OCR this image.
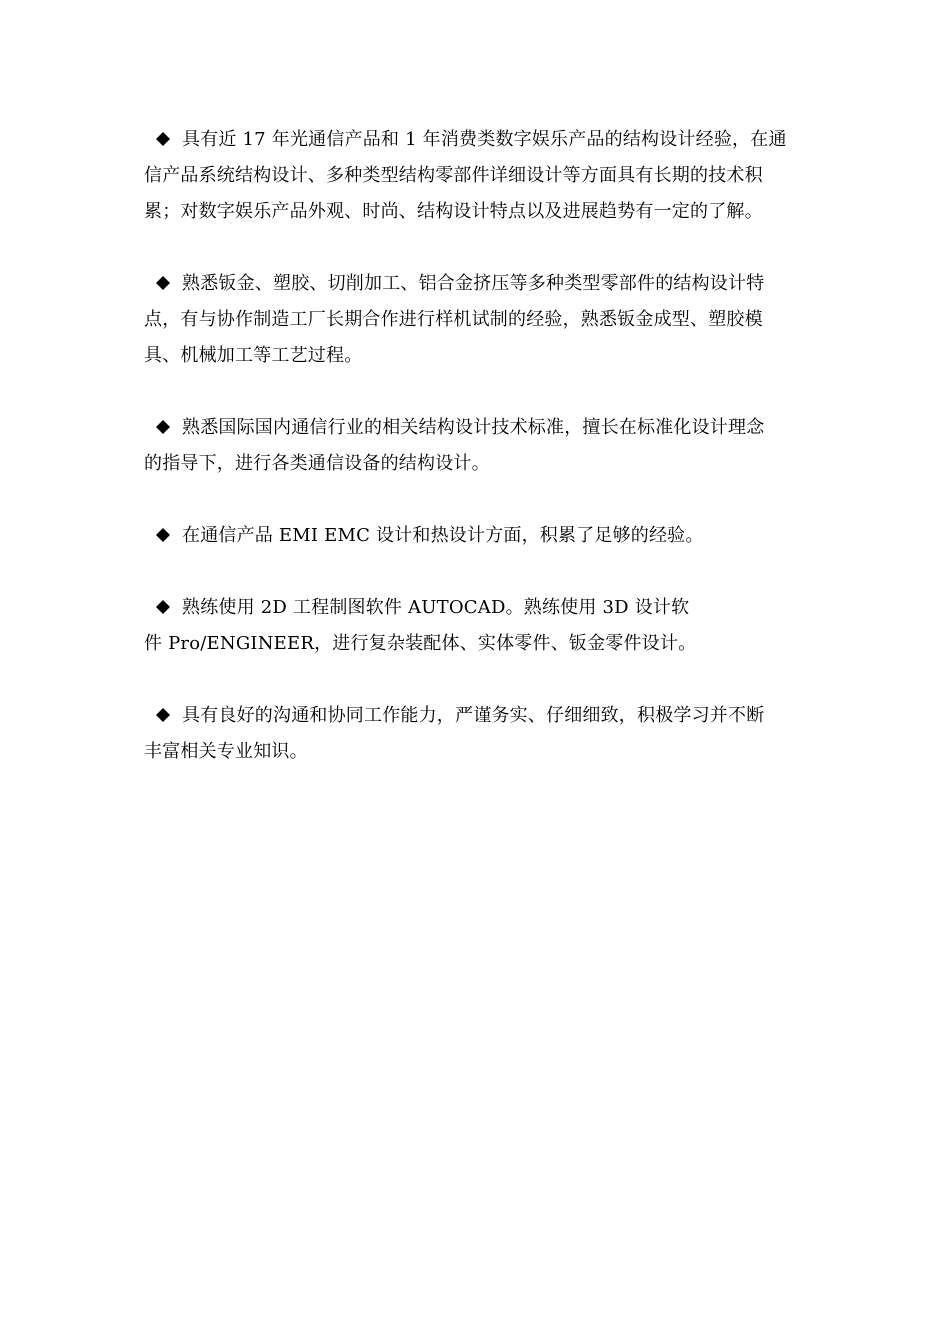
具有近 17 年光通信产品和 1 年消费类数字娱乐产品的结构设计经验，在通
信产品系统结构设计、多种类型结构零部件详细设计等方面具有长期的技术积
累；对数字娱乐产品外观、时尚、结构设计特点以及进展趋势有一定的了解。
熟悉钣金、塑胶、切削加工、铝合金挤压等多种类型零部件的结构设计特
点，有与协作制造工厂长期合作进行样机试制的经验，熟悉钣金成型、塑胶模
具、机械加工等工艺过程。
熟悉国际国内通信行业的相关结构设计技术标准，擅长在标准化设计理念
的指导下，进行各类通信设备的结构设计。
在通信产品 EMI EMC 设计和热设计方面，积累了足够的经验。
熟练使用 2D 工程制图软件 AUTOCAD。熟练使用 3D 设计软
件 Pro/ENGINEER，进行复杂装配体、实体零件、钣金零件设计。
具有良好的沟通和协同工作能力，严谨务实、仔细细致，积极学习并不断
丰富相关专业知识。
